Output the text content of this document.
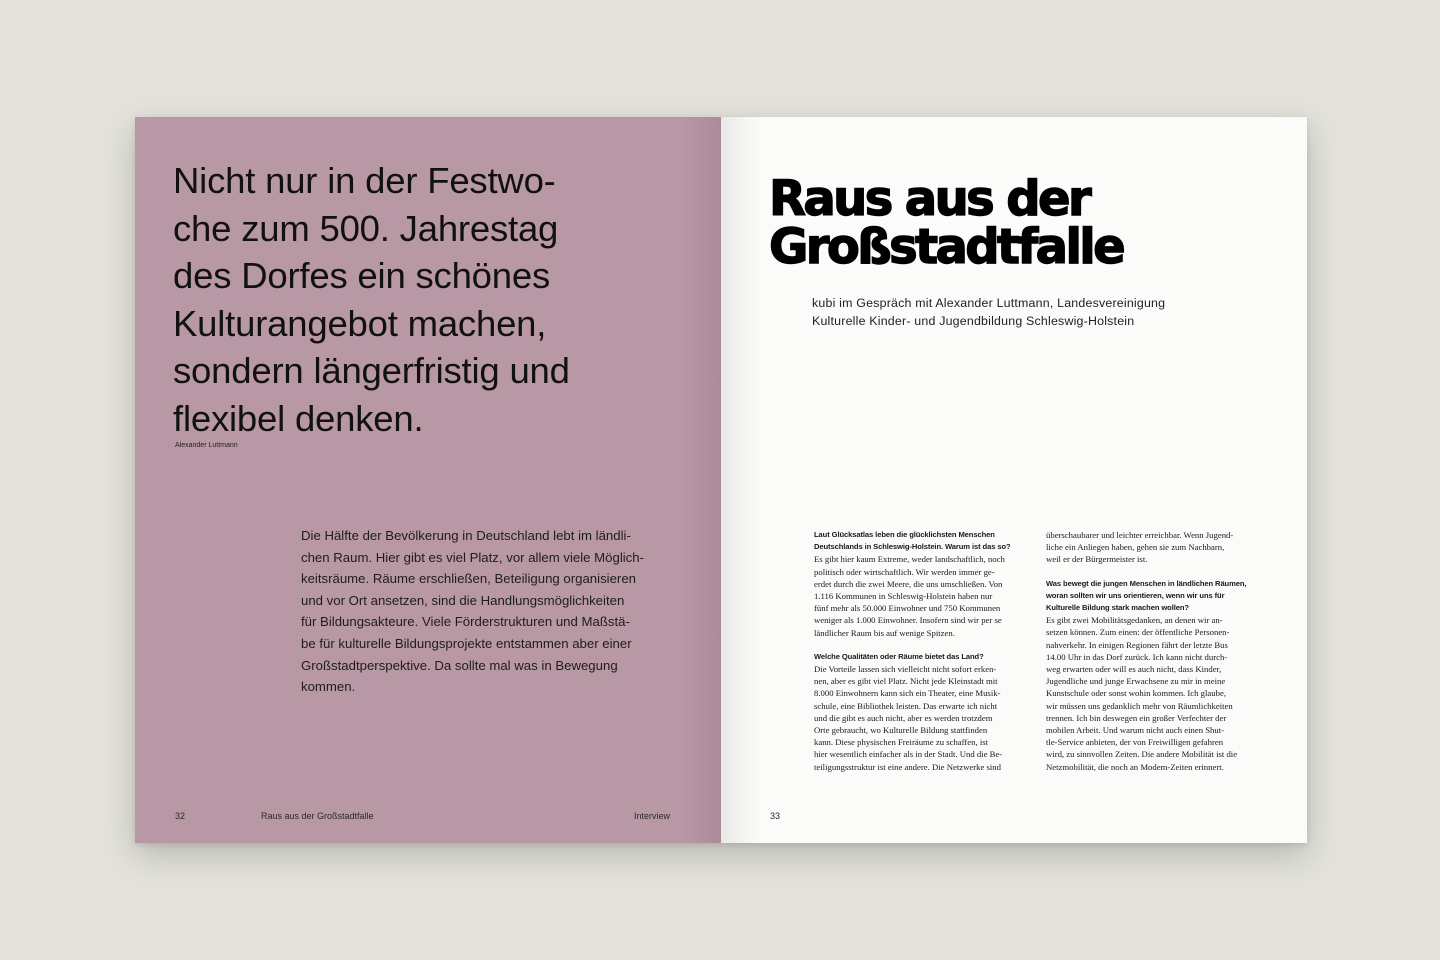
Nicht nur in der Festwo-
che zum 500. Jahrestag
des Dorfes ein schönes
Kulturangebot machen,
sondern längerfristig und
flexibel denken.
Alexander Luttmann
Die Hälfte der Bevölkerung in Deutschland lebt im ländli-
chen Raum. Hier gibt es viel Platz, vor allem viele Möglich-
keitsräume. Räume erschließen, Beteiligung organisieren
und vor Ort ansetzen, sind die Handlungsmöglichkeiten
für Bildungsakteure. Viele Förderstrukturen und Maßstä-
be für kulturelle Bildungsprojekte entstammen aber einer
Großstadtperspektive. Da sollte mal was in Bewegung
kommen.
32	Raus aus der Großstadtfalle	Interview
Raus aus der
Großstadtfalle
kubi im Gespräch mit Alexander Luttmann, Landesvereinigung
Kulturelle Kinder- und Jugendbildung Schleswig-Holstein
Laut Glücksatlas leben die glücklichsten Menschen
Deutschlands in Schleswig-Holstein. Warum ist das so?
Es gibt hier kaum Extreme, weder landschaftlich, noch
politisch oder wirtschaftlich. Wir werden immer ge-
erdet durch die zwei Meere, die uns umschließen. Von
1.116 Kommunen in Schleswig-Holstein haben nur
fünf mehr als 50.000 Einwohner und 750 Kommunen
weniger als 1.000 Einwohner. Insofern sind wir per se
ländlicher Raum bis auf wenige Spitzen.
Welche Qualitäten oder Räume bietet das Land?
Die Vorteile lassen sich vielleicht nicht sofort erken-
nen, aber es gibt viel Platz. Nicht jede Kleinstadt mit
8.000 Einwohnern kann sich ein Theater, eine Musik-
schule, eine Bibliothek leisten. Das erwarte ich nicht
und die gibt es auch nicht, aber es werden trotzdem
Orte gebraucht, wo Kulturelle Bildung stattfinden
kann. Diese physischen Freiräume zu schaffen, ist
hier wesentlich einfacher als in der Stadt. Und die Be-
teiligungsstruktur ist eine andere. Die Netzwerke sind
überschaubarer und leichter erreichbar. Wenn Jugend-
liche ein Anliegen haben, gehen sie zum Nachbarn,
weil er der Bürgermeister ist.
Was bewegt die jungen Menschen in ländlichen Räumen,
woran sollten wir uns orientieren, wenn wir uns für
Kulturelle Bildung stark machen wollen?
Es gibt zwei Mobilitätsgedanken, an denen wir an-
setzen können. Zum einen: der öffentliche Personen-
nahverkehr. In einigen Regionen fährt der letzte Bus
14.00 Uhr in das Dorf zurück. Ich kann nicht durch-
weg erwarten oder will es auch nicht, dass Kinder,
Jugendliche und junge Erwachsene zu mir in meine
Kunstschule oder sonst wohin kommen. Ich glaube,
wir müssen uns gedanklich mehr von Räumlichkeiten
trennen. Ich bin deswegen ein großer Verfechter der
mobilen Arbeit. Und warum nicht auch einen Shut-
tle-Service anbieten, der von Freiwilligen gefahren
wird, zu sinnvollen Zeiten. Die andere Mobilität ist die
Netzmobilität, die noch an Modem-Zeiten erinnert.
33
